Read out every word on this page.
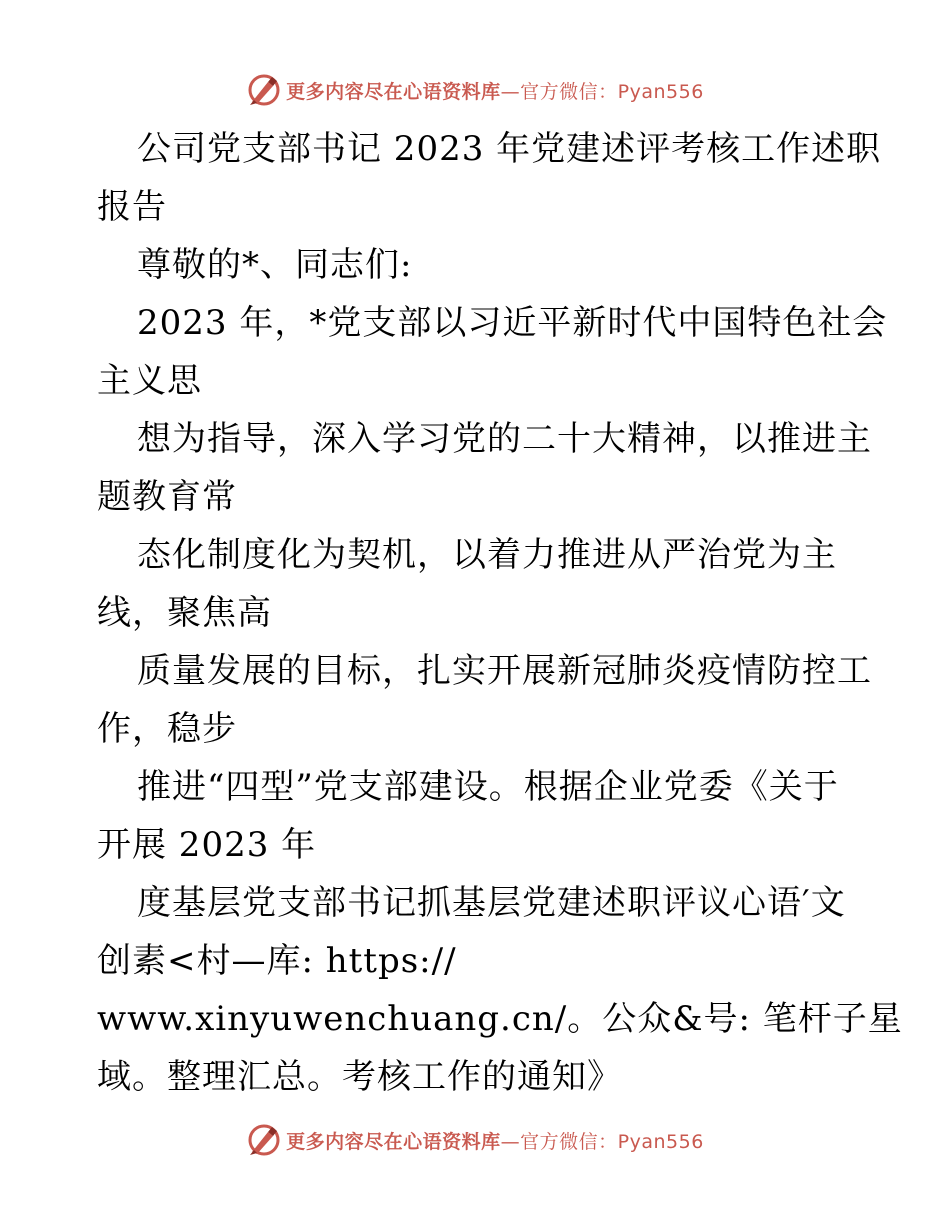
更多内容尽在心语资料库—官方微信：Pyan556
公司党支部书记 2023 年党建述评考核工作述职
报告
尊敬的*、同志们:
2023 年，*党支部以习近平新时代中国特色社会
主义思
想为指导，深入学习党的二十大精神，以推进主
题教育常
态化制度化为契机，以着力推进从严治党为主
线，聚焦高
质量发展的目标，扎实开展新冠肺炎疫情防控工
作，稳步
推进“四型”党支部建设。根据企业党委《关于
开展 2023 年
度基层党支部书记抓基层党建述职评议心语′文
创素<村—库: https://
www.xinyuwenchuang.cn/。公众&号: 笔杆子星
域。整理汇总。考核工作的通知》
更多内容尽在心语资料库—官方微信：Pyan556
